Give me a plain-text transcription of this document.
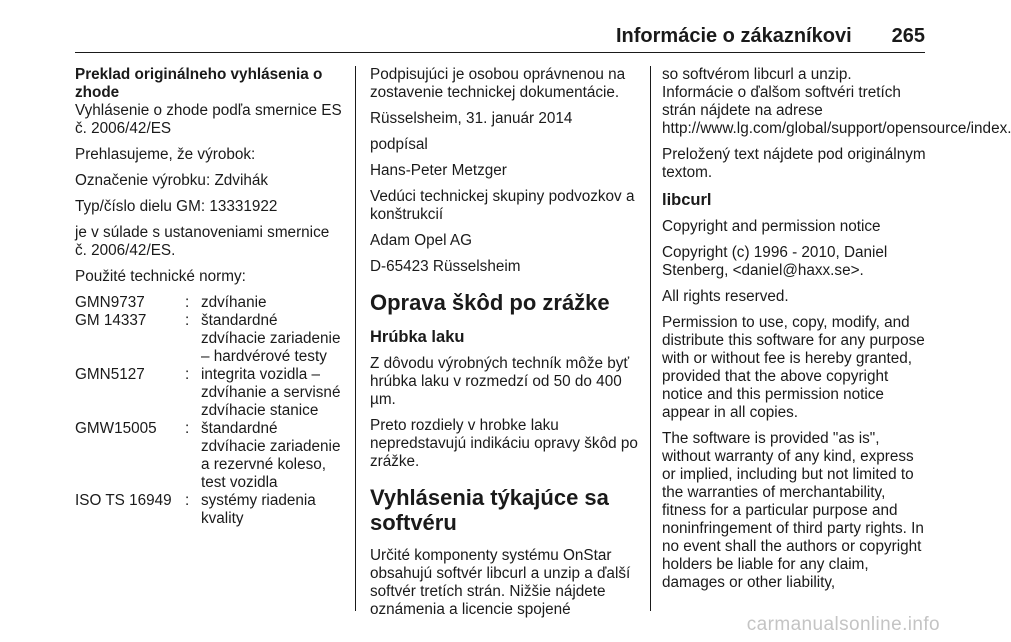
Informácie o zákazníkovi 265

Preklad originálneho vyhlásenia o zhode

Vyhlásenie o zhode podľa smernice ES č. 2006/42/ES

Prehlasujeme, že výrobok:

Označenie výrobku: Zdvihák

Typ/číslo dielu GM: 13331922

je v súlade s ustanoveniami smernice č. 2006/42/ES.

Použité technické normy:

GMN9737	:	zdvíhanie
GM 14337	:	štandardné zdvíhacie zariadenie – hardvérové testy
GMN5127	:	integrita vozidla – zdvíhanie a servisné zdvíhacie stanice
GMW15005	:	štandardné zdvíhacie zariadenie a rezervné koleso, test vozidla
ISO TS 16949	:	systémy riadenia kvality

Podpisujúci je osobou oprávnenou na zostavenie technickej dokumentácie.

Rüsselsheim, 31. január 2014

podpísal

Hans-Peter Metzger

Vedúci technickej skupiny podvozkov a konštrukcií

Adam Opel AG

D-65423 Rüsselsheim

Oprava škôd po zrážke
Hrúbka laku

Z dôvodu výrobných techník môže byť hrúbka laku v rozmedzí od 50 do 400 µm.

Preto rozdiely v hrobke laku nepredstavujú indikáciu opravy škôd po zrážke.

Vyhlásenia týkajúce sa softvéru

Určité komponenty systému OnStar obsahujú softvér libcurl a unzip a ďalší softvér tretích strán. Nižšie nájdete oznámenia a licencie spojené

so softvérom libcurl a unzip. Informácie o ďalšom softvéri tretích strán nájdete na adrese http://www.lg.com/global/support/opensource/index.

Preložený text nájdete pod originálnym textom.

libcurl

Copyright and permission notice

Copyright (c) 1996 - 2010, Daniel Stenberg, <daniel@haxx.se>.

All rights reserved.

Permission to use, copy, modify, and distribute this software for any purpose with or without fee is hereby granted, provided that the above copyright notice and this permission notice appear in all copies.

The software is provided "as is", without warranty of any kind, express or implied, including but not limited to the warranties of merchantability, fitness for a particular purpose and noninfringement of third party rights. In no event shall the authors or copyright holders be liable for any claim, damages or other liability,

carmanualsonline.info
